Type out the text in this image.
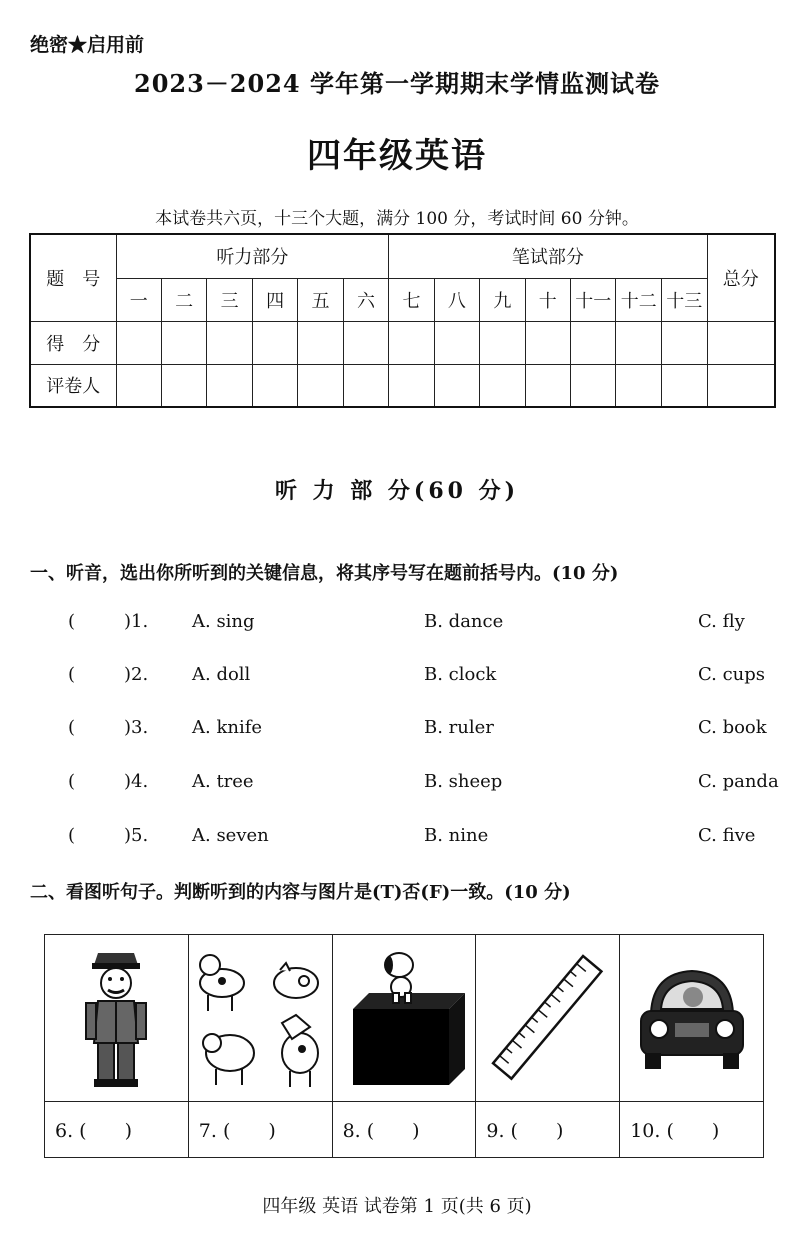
绝密★启用前
2023－2024 学年第一学期期末学情监测试卷
四年级英语
本试卷共六页，十三个大题，满分 100 分，考试时间 60 分钟。
题　号	听力部分						笔试部分							总分
	一	二	三	四	五	六	七	八	九	十	十一	十二	十三	
得　分														
评卷人														
听 力 部 分(60 分)
一、听音，选出你所听到的关键信息，将其序号写在题前括号内。(10 分)
(	)1. A. sing	B. dance	C. fly
(	)2. A. doll	B. clock	C. cups
(	)3. A. knife	B. ruler	C. book
(	)4. A. tree	B. sheep	C. panda
(	)5. A. seven	B. nine	C. five
二、看图听句子。判断听到的内容与图片是(T)否(F)一致。(10 分)

6. (　　)	7. (　　)	8. (　　)	9. (　　)	10. (　　)
四年级 英语 试卷第 1 页(共 6 页)
